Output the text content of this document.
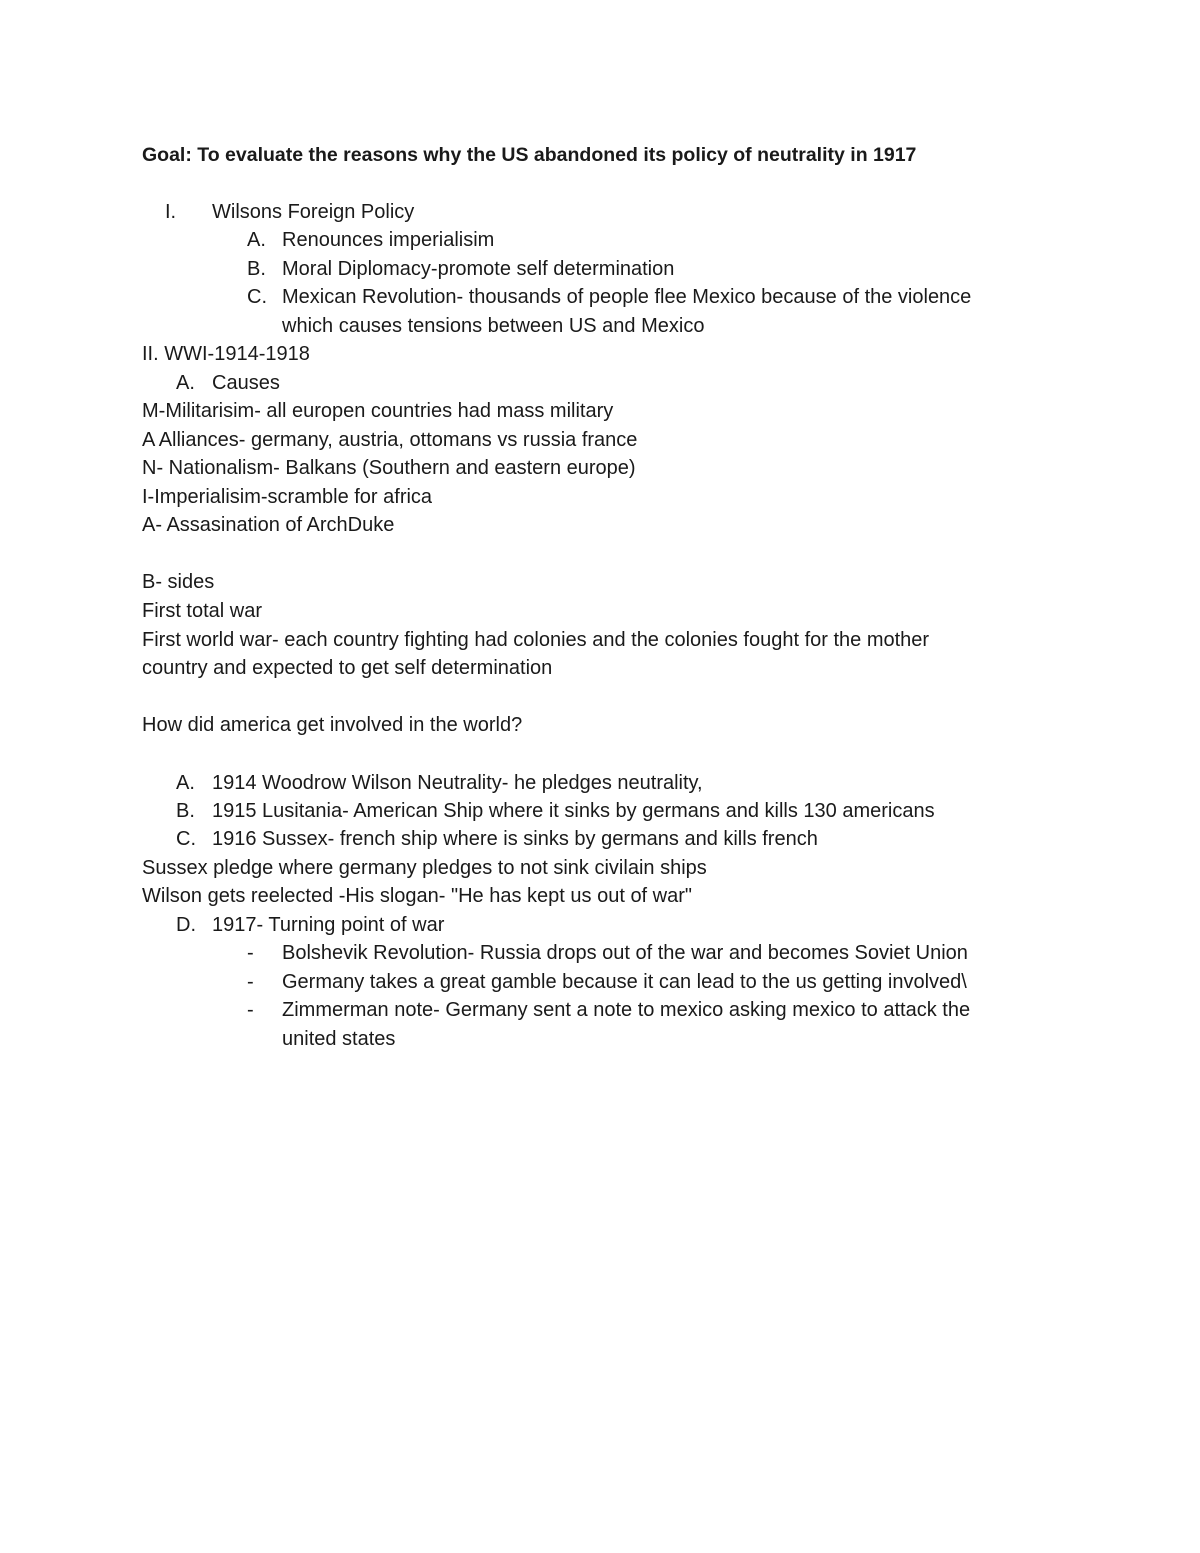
Goal: To evaluate the reasons why the US abandoned its policy of neutrality in 1917
I. Wilsons Foreign Policy
A. Renounces imperialisim
B. Moral Diplomacy-promote self determination
C. Mexican Revolution- thousands of people flee Mexico because of the violence
which causes tensions between US and Mexico
II. WWI-1914-1918
A. Causes
M-Militarisim- all europen countries had mass military
A Alliances- germany, austria, ottomans vs russia france
N- Nationalism- Balkans (Southern and eastern europe)
I-Imperialisim-scramble for africa
A- Assasination of ArchDuke
B- sides
First total war
First world war- each country fighting had colonies and the colonies fought for the mother
country and expected to get self determination
How did america get involved in the world?
A. 1914 Woodrow Wilson Neutrality- he pledges neutrality,
B. 1915 Lusitania- American Ship where it sinks by germans and kills 130 americans
C. 1916 Sussex- french ship where is sinks by germans and kills french
Sussex pledge where germany pledges to not sink civilain ships
Wilson gets reelected -His slogan- "He has kept us out of war"
D. 1917- Turning point of war
- Bolshevik Revolution- Russia drops out of the war and becomes Soviet Union
- Germany takes a great gamble because it can lead to the us getting involved\
- Zimmerman note- Germany sent a note to mexico asking mexico to attack the
united states
